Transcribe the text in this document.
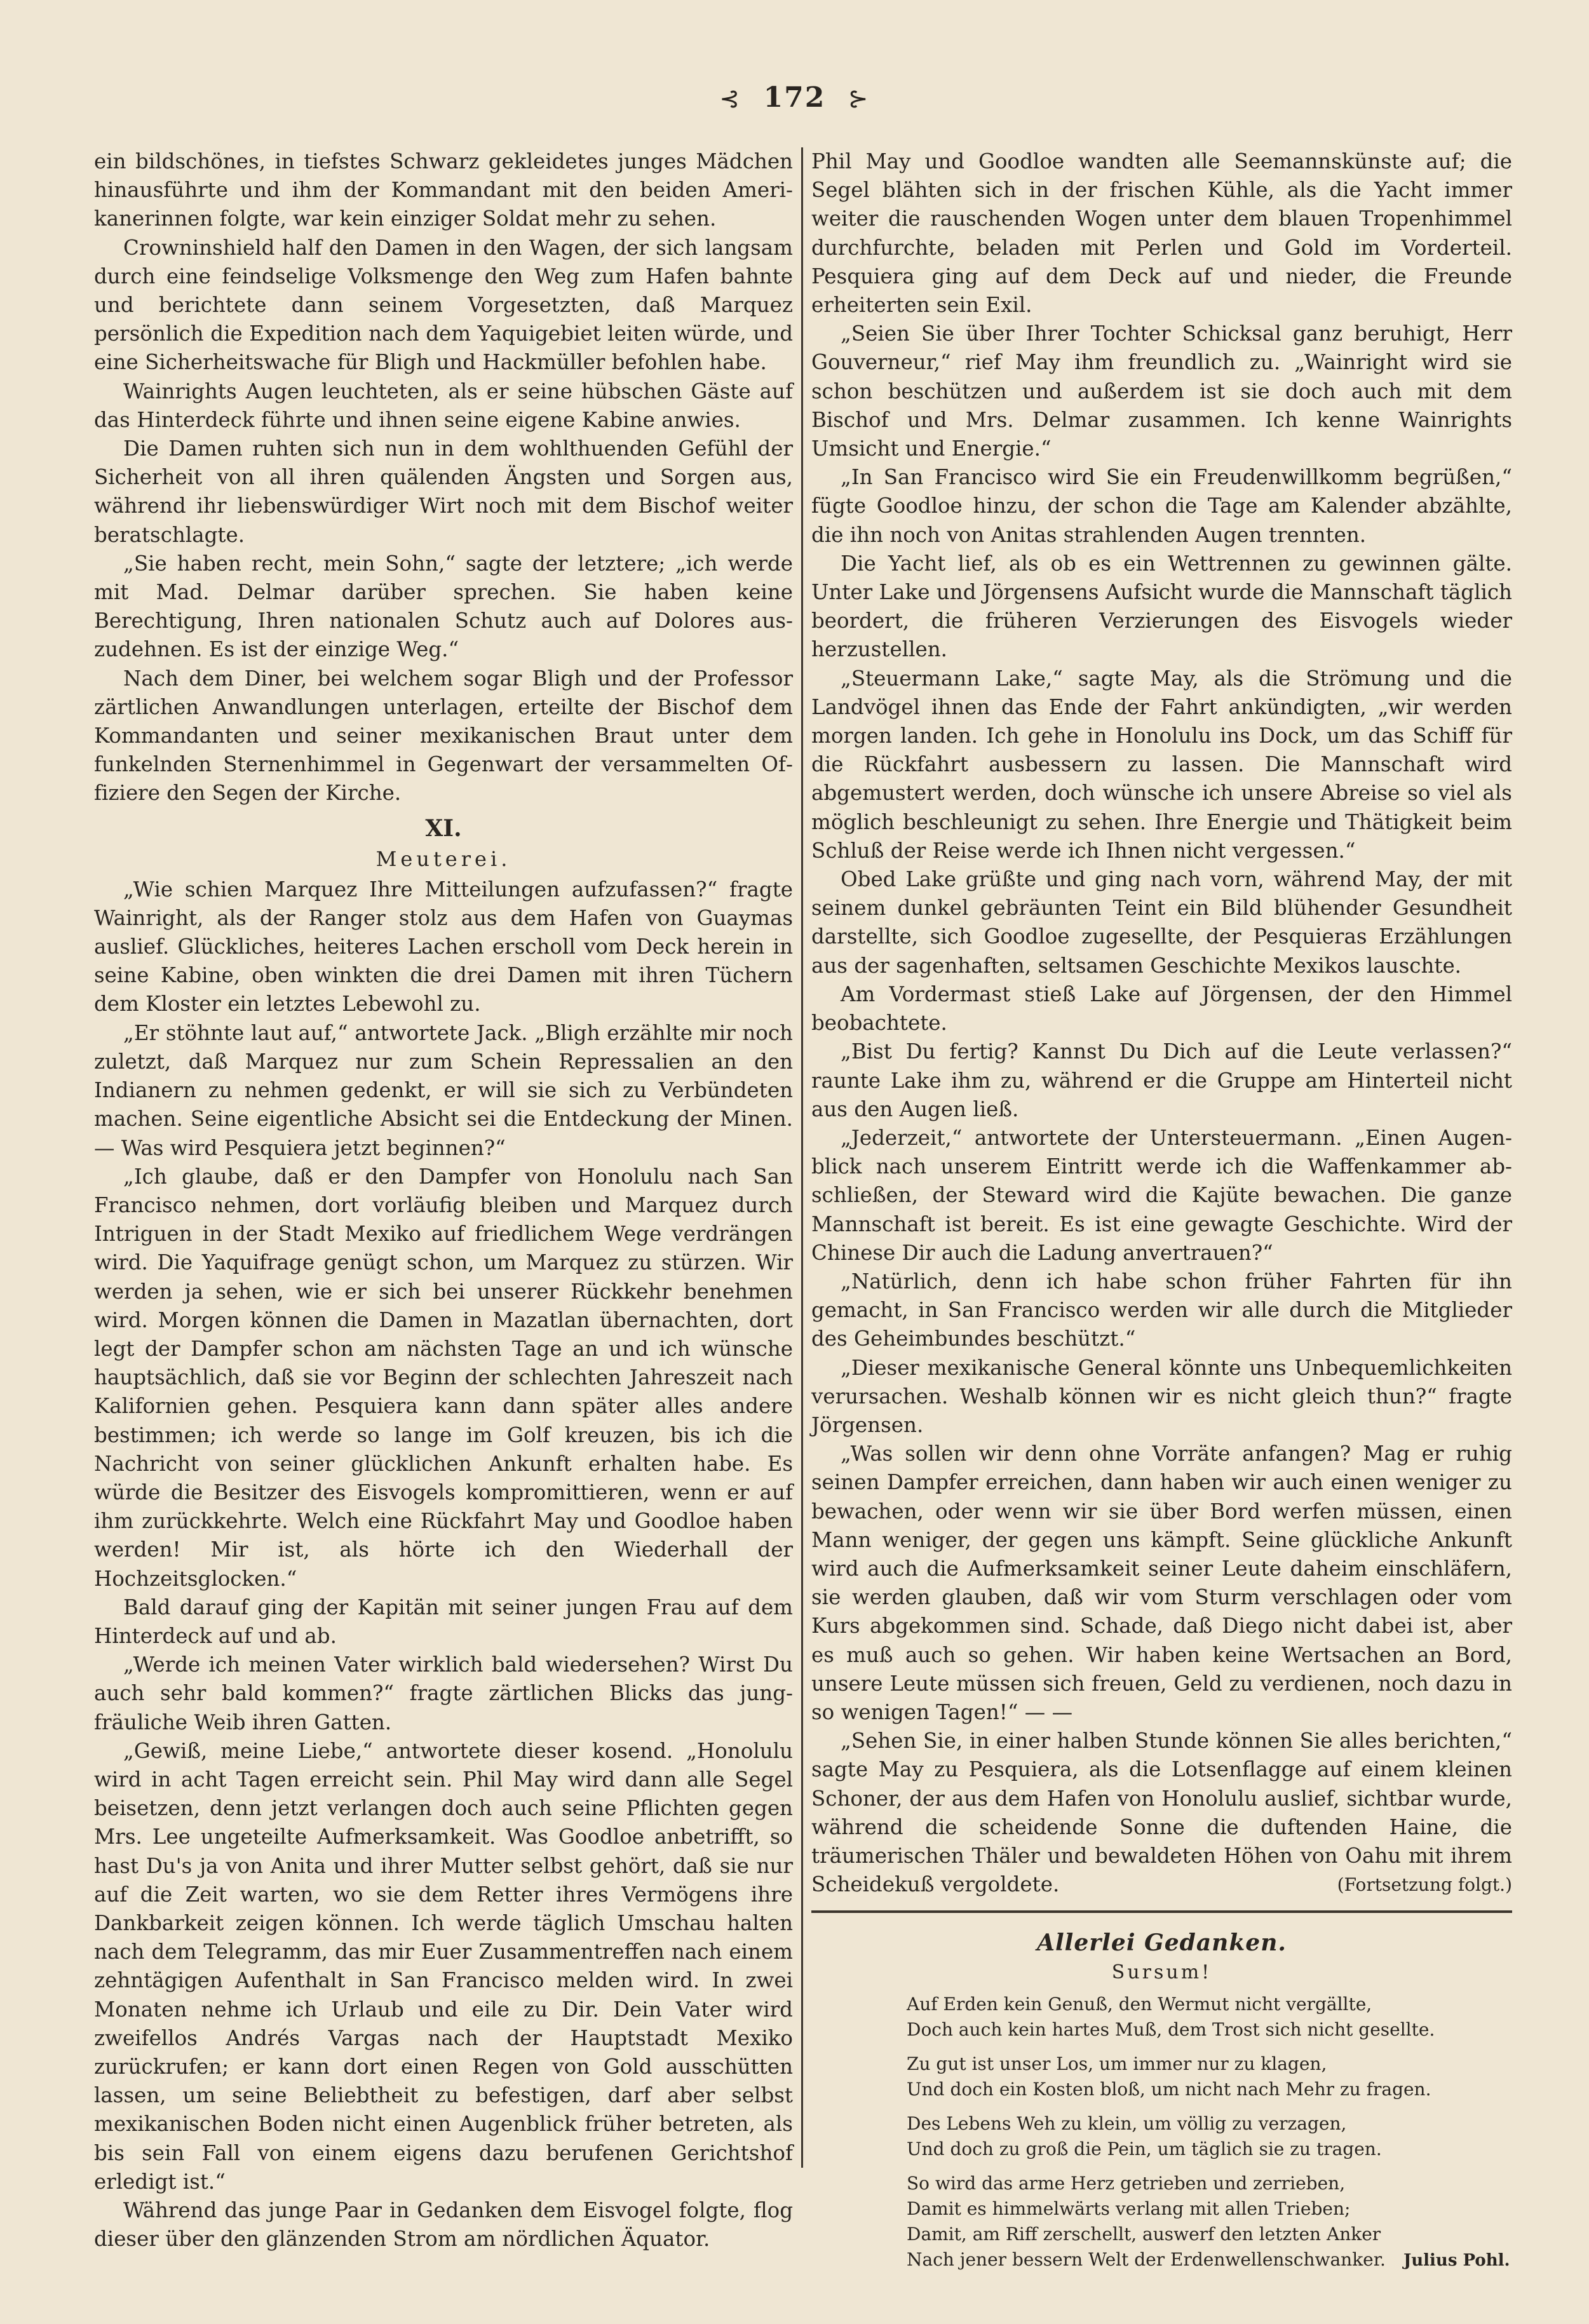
⊰ 172 ⊱

ein bildschönes, in tiefstes Schwarz gekleidetes junges Mädchen hinausführte und ihm der Kommandant mit den beiden Amerikanerinnen folgte, war kein einziger Soldat mehr zu sehen.

Crowninshield half den Damen in den Wagen, der sich langsam durch eine feindselige Volksmenge den Weg zum Hafen bahnte und berichtete dann seinem Vorgesetzten, daß Marquez persönlich die Expedition nach dem Yaquigebiet leiten würde, und eine Sicherheitswache für Bligh und Hackmüller befohlen habe.

Wainrights Augen leuchteten, als er seine hübschen Gäste auf das Hinterdeck führte und ihnen seine eigene Kabine anwies.

Die Damen ruhten sich nun in dem wohlthuenden Gefühl der Sicherheit von all ihren quälenden Ängsten und Sorgen aus, während ihr liebenswürdiger Wirt noch mit dem Bischof weiter beratschlagte.

„Sie haben recht, mein Sohn,“ sagte der letztere; „ich werde mit Mad. Delmar darüber sprechen. Sie haben keine Berechtigung, Ihren nationalen Schutz auch auf Dolores auszudehnen. Es ist der einzige Weg.“

Nach dem Diner, bei welchem sogar Bligh und der Professor zärtlichen Anwandlungen unterlagen, erteilte der Bischof dem Kommandanten und seiner mexikanischen Braut unter dem funkelnden Sternenhimmel in Gegenwart der versammelten Offiziere den Segen der Kirche.

XI.
Meuterei.

„Wie schien Marquez Ihre Mitteilungen aufzufassen?“ fragte Wainright, als der Ranger stolz aus dem Hafen von Guaymas auslief. Glückliches, heiteres Lachen erscholl vom Deck herein in seine Kabine, oben winkten die drei Damen mit ihren Tüchern dem Kloster ein letztes Lebewohl zu.

„Er stöhnte laut auf,“ antwortete Jack. „Bligh erzählte mir noch zuletzt, daß Marquez nur zum Schein Repressalien an den Indianern zu nehmen gedenkt, er will sie sich zu Verbündeten machen. Seine eigentliche Absicht sei die Entdeckung der Minen. — Was wird Pesquiera jetzt beginnen?“

„Ich glaube, daß er den Dampfer von Honolulu nach San Francisco nehmen, dort vorläufig bleiben und Marquez durch Intriguen in der Stadt Mexiko auf friedlichem Wege verdrängen wird. Die Yaquifrage genügt schon, um Marquez zu stürzen. Wir werden ja sehen, wie er sich bei unserer Rückkehr benehmen wird. Morgen können die Damen in Mazatlan übernachten, dort legt der Dampfer schon am nächsten Tage an und ich wünsche hauptsächlich, daß sie vor Beginn der schlechten Jahreszeit nach Kalifornien gehen. Pesquiera kann dann später alles andere bestimmen; ich werde so lange im Golf kreuzen, bis ich die Nachricht von seiner glücklichen Ankunft erhalten habe. Es würde die Besitzer des Eisvogels kompromittieren, wenn er auf ihm zurückkehrte. Welch eine Rückfahrt May und Goodloe haben werden! Mir ist, als hörte ich den Wiederhall der Hochzeitsglocken.“

Bald darauf ging der Kapitän mit seiner jungen Frau auf dem Hinterdeck auf und ab.

„Werde ich meinen Vater wirklich bald wiedersehen? Wirst Du auch sehr bald kommen?“ fragte zärtlichen Blicks das jungfräuliche Weib ihren Gatten.

„Gewiß, meine Liebe,“ antwortete dieser kosend. „Honolulu wird in acht Tagen erreicht sein. Phil May wird dann alle Segel beisetzen, denn jetzt verlangen doch auch seine Pflichten gegen Mrs. Lee ungeteilte Aufmerksamkeit. Was Goodloe anbetrifft, so hast Du's ja von Anita und ihrer Mutter selbst gehört, daß sie nur auf die Zeit warten, wo sie dem Retter ihres Vermögens ihre Dankbarkeit zeigen können. Ich werde täglich Umschau halten nach dem Telegramm, das mir Euer Zusammentreffen nach einem zehntägigen Aufenthalt in San Francisco melden wird. In zwei Monaten nehme ich Urlaub und eile zu Dir. Dein Vater wird zweifellos Andrés Vargas nach der Hauptstadt Mexiko zurückrufen; er kann dort einen Regen von Gold ausschütten lassen, um seine Beliebtheit zu befestigen, darf aber selbst mexikanischen Boden nicht einen Augenblick früher betreten, als bis sein Fall von einem eigens dazu berufenen Gerichtshof erledigt ist.“

Während das junge Paar in Gedanken dem Eisvogel folgte, flog dieser über den glänzenden Strom am nördlichen Äquator.

Phil May und Goodloe wandten alle Seemannskünste auf; die Segel blähten sich in der frischen Kühle, als die Yacht immer weiter die rauschenden Wogen unter dem blauen Tropenhimmel durchfurchte, beladen mit Perlen und Gold im Vorderteil. Pesquiera ging auf dem Deck auf und nieder, die Freunde erheiterten sein Exil.

„Seien Sie über Ihrer Tochter Schicksal ganz beruhigt, Herr Gouverneur,“ rief May ihm freundlich zu. „Wainright wird sie schon beschützen und außerdem ist sie doch auch mit dem Bischof und Mrs. Delmar zusammen. Ich kenne Wainrights Umsicht und Energie.“

„In San Francisco wird Sie ein Freudenwillkomm begrüßen,“ fügte Goodloe hinzu, der schon die Tage am Kalender abzählte, die ihn noch von Anitas strahlenden Augen trennten.

Die Yacht lief, als ob es ein Wettrennen zu gewinnen gälte. Unter Lake und Jörgensens Aufsicht wurde die Mannschaft täglich beordert, die früheren Verzierungen des Eisvogels wieder herzustellen.

„Steuermann Lake,“ sagte May, als die Strömung und die Landvögel ihnen das Ende der Fahrt ankündigten, „wir werden morgen landen. Ich gehe in Honolulu ins Dock, um das Schiff für die Rückfahrt ausbessern zu lassen. Die Mannschaft wird abgemustert werden, doch wünsche ich unsere Abreise so viel als möglich beschleunigt zu sehen. Ihre Energie und Thätigkeit beim Schluß der Reise werde ich Ihnen nicht vergessen.“

Obed Lake grüßte und ging nach vorn, während May, der mit seinem dunkel gebräunten Teint ein Bild blühender Gesundheit darstellte, sich Goodloe zugesellte, der Pesquieras Erzählungen aus der sagenhaften, seltsamen Geschichte Mexikos lauschte.

Am Vordermast stieß Lake auf Jörgensen, der den Himmel beobachtete.

„Bist Du fertig? Kannst Du Dich auf die Leute verlassen?“ raunte Lake ihm zu, während er die Gruppe am Hinterteil nicht aus den Augen ließ.

„Jederzeit,“ antwortete der Untersteuermann. „Einen Augenblick nach unserem Eintritt werde ich die Waffenkammer abschließen, der Steward wird die Kajüte bewachen. Die ganze Mannschaft ist bereit. Es ist eine gewagte Geschichte. Wird der Chinese Dir auch die Ladung anvertrauen?“

„Natürlich, denn ich habe schon früher Fahrten für ihn gemacht, in San Francisco werden wir alle durch die Mitglieder des Geheimbundes beschützt.“

„Dieser mexikanische General könnte uns Unbequemlichkeiten verursachen. Weshalb können wir es nicht gleich thun?“ fragte Jörgensen.

„Was sollen wir denn ohne Vorräte anfangen? Mag er ruhig seinen Dampfer erreichen, dann haben wir auch einen weniger zu bewachen, oder wenn wir sie über Bord werfen müssen, einen Mann weniger, der gegen uns kämpft. Seine glückliche Ankunft wird auch die Aufmerksamkeit seiner Leute daheim einschläfern, sie werden glauben, daß wir vom Sturm verschlagen oder vom Kurs abgekommen sind. Schade, daß Diego nicht dabei ist, aber es muß auch so gehen. Wir haben keine Wertsachen an Bord, unsere Leute müssen sich freuen, Geld zu verdienen, noch dazu in so wenigen Tagen!“ — —

„Sehen Sie, in einer halben Stunde können Sie alles berichten,“ sagte May zu Pesquiera, als die Lotsenflagge auf einem kleinen Schoner, der aus dem Hafen von Honolulu auslief, sichtbar wurde, während die scheidende Sonne die duftenden Haine, die träumerischen Thäler und bewaldeten Höhen von Oahu mit ihrem Scheidekuß vergoldete.	(Fortsetzung folgt.)

Allerlei Gedanken.
Sursum!
Auf Erden kein Genuß, den Wermut nicht vergällte,
Doch auch kein hartes Muß, dem Trost sich nicht gesellte.
Zu gut ist unser Los, um immer nur zu klagen,
Und doch ein Kosten bloß, um nicht nach Mehr zu fragen.
Des Lebens Weh zu klein, um völlig zu verzagen,
Und doch zu groß die Pein, um täglich sie zu tragen.
So wird das arme Herz getrieben und zerrieben,
Damit es himmelwärts verlang mit allen Trieben;
Damit, am Riff zerschellt, auswerf den letzten Anker
Nach jener bessern Welt der Erdenwellenschwanker. Julius Pohl.
